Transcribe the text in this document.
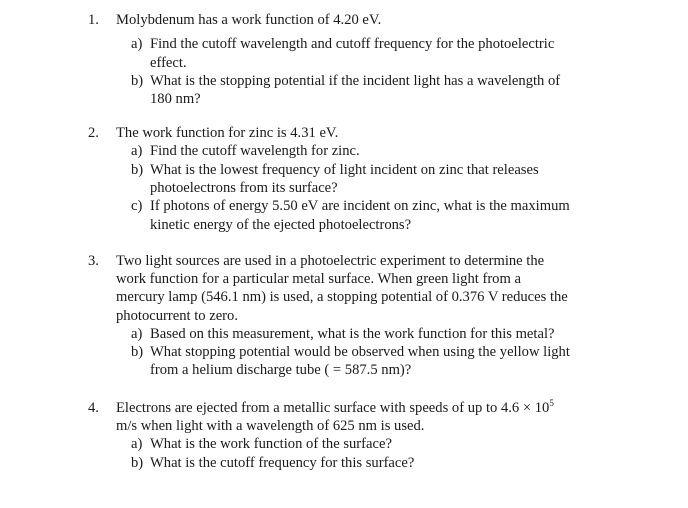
1. Molybdenum has a work function of 4.20 eV.
a) Find the cutoff wavelength and cutoff frequency for the photoelectric
effect.
b) What is the stopping potential if the incident light has a wavelength of
180 nm?
2. The work function for zinc is 4.31 eV.
a) Find the cutoff wavelength for zinc.
b) What is the lowest frequency of light incident on zinc that releases
photoelectrons from its surface?
c) If photons of energy 5.50 eV are incident on zinc, what is the maximum
kinetic energy of the ejected photoelectrons?
3. Two light sources are used in a photoelectric experiment to determine the
work function for a particular metal surface. When green light from a
mercury lamp (546.1 nm) is used, a stopping potential of 0.376 V reduces the
photocurrent to zero.
a) Based on this measurement, what is the work function for this metal?
b) What stopping potential would be observed when using the yellow light
from a helium discharge tube ( = 587.5 nm)?
4. Electrons are ejected from a metallic surface with speeds of up to $4.6 \times 10^5$
m/s when light with a wavelength of 625 nm is used.
a) What is the work function of the surface?
b) What is the cutoff frequency for this surface?
